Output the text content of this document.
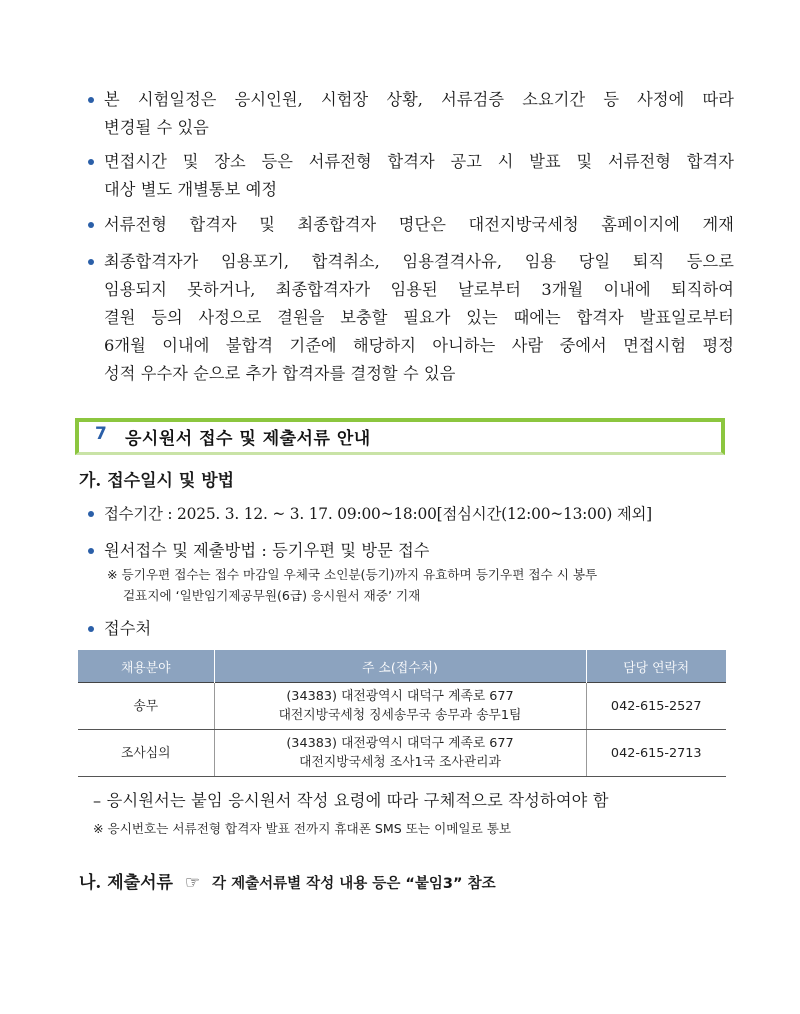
본 시험일정은 응시인원, 시험장 상황, 서류검증 소요기간 등 사정에 따라
변경될 수 있음
면접시간 및 장소 등은 서류전형 합격자 공고 시 발표 및 서류전형 합격자
대상 별도 개별통보 예정
서류전형 합격자 및 최종합격자 명단은 대전지방국세청 홈페이지에 게재
최종합격자가 임용포기, 합격취소, 임용결격사유, 임용 당일 퇴직 등으로
임용되지 못하거나, 최종합격자가 임용된 날로부터 3개월 이내에 퇴직하여
결원 등의 사정으로 결원을 보충할 필요가 있는 때에는 합격자 발표일로부터
6개월 이내에 불합격 기준에 해당하지 아니하는 사람 중에서 면접시험 평정
성적 우수자 순으로 추가 합격자를 결정할 수 있음
7 응시원서 접수 및 제출서류 안내
가. 접수일시 및 방법
접수기간 : 2025. 3. 12. ~ 3. 17. 09:00~18:00[점심시간(12:00~13:00) 제외]
원서접수 및 제출방법 : 등기우편 및 방문 접수
※ 등기우편 접수는 접수 마감일 우체국 소인분(등기)까지 유효하며 등기우편 접수 시 봉투
겉표지에 ‘일반임기제공무원(6급) 응시원서 재중’ 기재
접수처
채용분야	주 소(접수처)	담당 연락처
송무	(34383) 대전광역시 대덕구 계족로 677
대전지방국세청 징세송무국 송무과 송무1팀	042-615-2527
조사심의	(34383) 대전광역시 대덕구 계족로 677
대전지방국세청 조사1국 조사관리과	042-615-2713
– 응시원서는 붙임 응시원서 작성 요령에 따라 구체적으로 작성하여야 함
※ 응시번호는 서류전형 합격자 발표 전까지 휴대폰 SMS 또는 이메일로 통보
나. 제출서류 ☞ 각 제출서류별 작성 내용 등은 “붙임3” 참조
